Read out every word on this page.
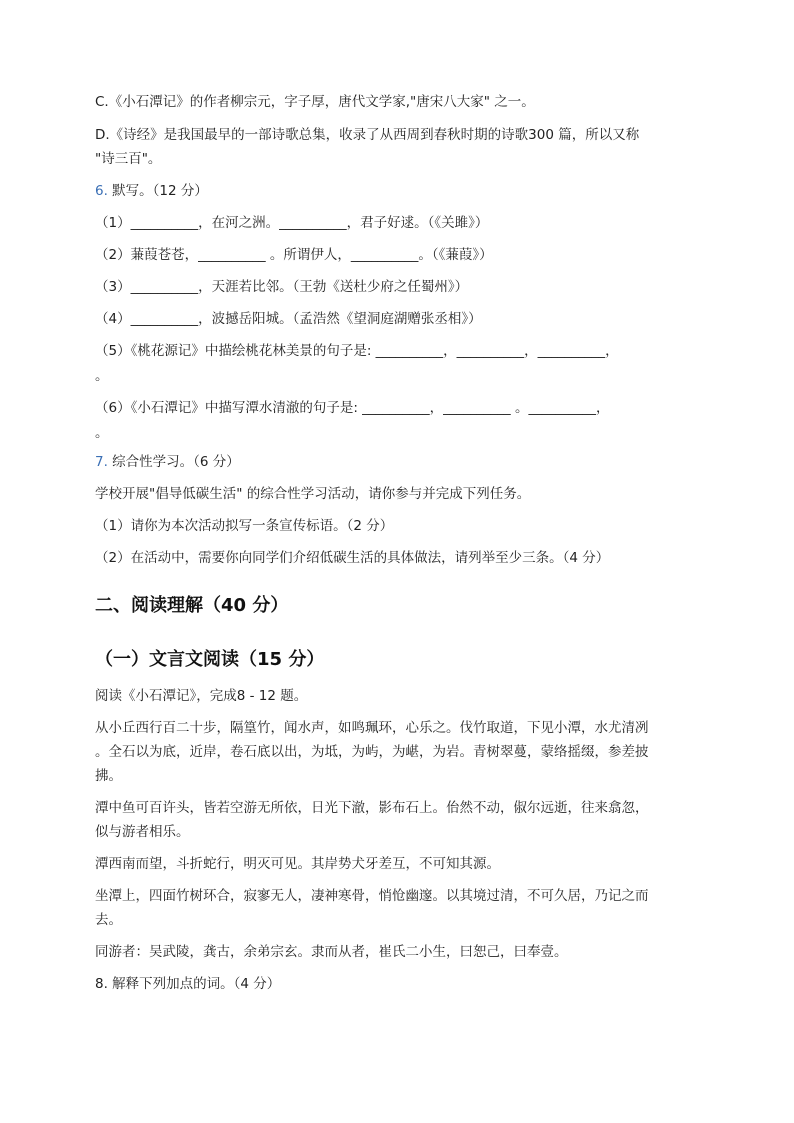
C.《小石潭记》的作者柳宗元，字子厚，唐代文学家,"唐宋八大家" 之一。
D.《诗经》是我国最早的一部诗歌总集，收录了从西周到春秋时期的诗歌300 篇，所以又称
"诗三百"。
6. 默写。（12 分）
（1）__________，在河之洲。__________，君子好逑。（《关雎》）
（2）蒹葭苍苍，__________ 。所谓伊人，__________。（《蒹葭》）
（3）__________，天涯若比邻。（王勃《送杜少府之任蜀州》）
（4）__________，波撼岳阳城。（孟浩然《望洞庭湖赠张丞相》）
（5）《桃花源记》中描绘桃花林美景的句子是: __________，__________，__________，
。
（6）《小石潭记》中描写潭水清澈的句子是: __________，__________ 。__________，
。
7. 综合性学习。（6 分）
学校开展"倡导低碳生活" 的综合性学习活动，请你参与并完成下列任务。
（1）请你为本次活动拟写一条宣传标语。（2 分）
（2）在活动中，需要你向同学们介绍低碳生活的具体做法，请列举至少三条。（4 分）
二、阅读理解（40 分）
（一）文言文阅读（15 分）
阅读《小石潭记》，完成8 - 12 题。
从小丘西行百二十步，隔篁竹，闻水声，如鸣珮环，心乐之。伐竹取道，下见小潭，水尤清冽
。全石以为底，近岸，卷石底以出，为坻，为屿，为嵁，为岩。青树翠蔓，蒙络摇缀，参差披
拂。
潭中鱼可百许头，皆若空游无所依，日光下澈，影布石上。佁然不动，俶尔远逝，往来翕忽，
似与游者相乐。
潭西南而望，斗折蛇行，明灭可见。其岸势犬牙差互，不可知其源。
坐潭上，四面竹树环合，寂寥无人，凄神寒骨，悄怆幽邃。以其境过清，不可久居，乃记之而
去。
同游者：吴武陵，龚古，余弟宗玄。隶而从者，崔氏二小生，曰恕己，曰奉壹。
8. 解释下列加点的词。（4 分）
